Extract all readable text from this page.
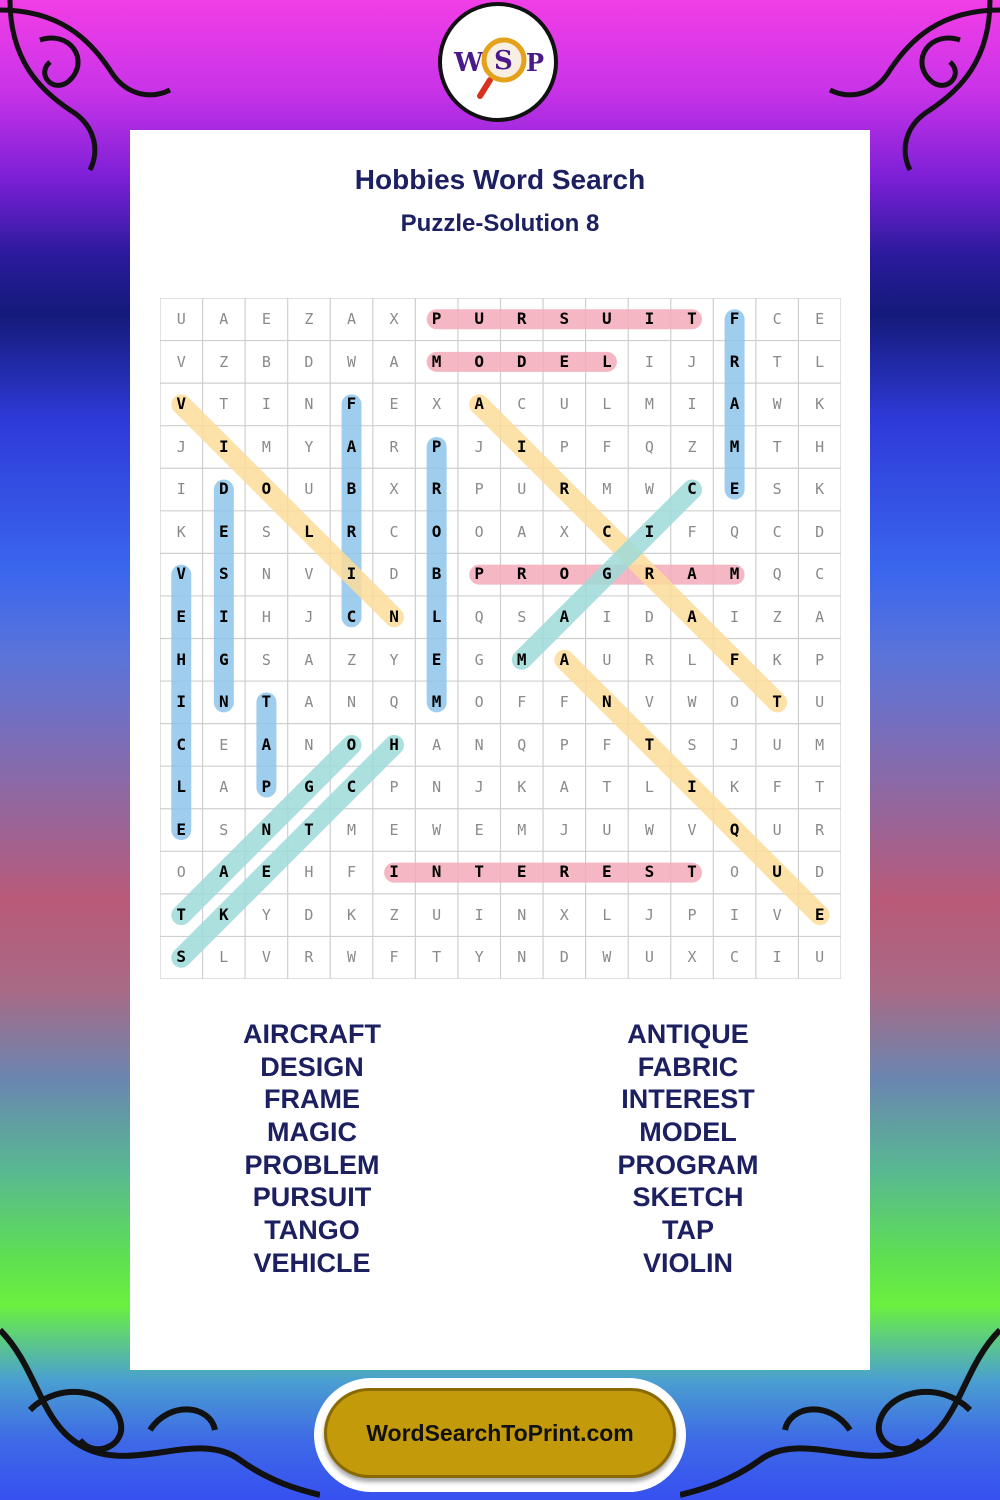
Hobbies Word Search
Puzzle-Solution 8
W S P
U	A	E	Z	A	X	P	U	R	S	U	I	T	F	C	E
V	Z	B	D	W	A	M	O	D	E	L	I	J	R	T	L
V	T	I	N	F	E	X	A	C	U	L	M	I	A	W	K
J	I	M	Y	A	R	P	J	I	P	F	Q	Z	M	T	H
I	D	O	U	B	X	R	P	U	R	M	W	C	E	S	K
K	E	S	L	R	C	O	O	A	X	C	I	F	Q	C	D
V	S	N	V	I	D	B	P	R	O	G	R	A	M	Q	C
E	I	H	J	C	N	L	Q	S	A	I	D	A	I	Z	A
H	G	S	A	Z	Y	E	G	M	A	U	R	L	F	K	P
I	N	T	A	N	Q	M	O	F	F	N	V	W	O	T	U
C	E	A	N	O	H	A	N	Q	P	F	T	S	J	U	M
L	A	P	G	C	P	N	J	K	A	T	L	I	K	F	T
E	S	N	T	M	E	W	E	M	J	U	W	V	Q	U	R
O	A	E	H	F	I	N	T	E	R	E	S	T	O	U	D
T	K	Y	D	K	Z	U	I	N	X	L	J	P	I	V	E
S	L	V	R	W	F	T	Y	N	D	W	U	X	C	I	U
AIRCRAFT
DESIGN
FRAME
MAGIC
PROBLEM
PURSUIT
TANGO
VEHICLE
ANTIQUE
FABRIC
INTEREST
MODEL
PROGRAM
SKETCH
TAP
VIOLIN
WordSearchToPrint.com
